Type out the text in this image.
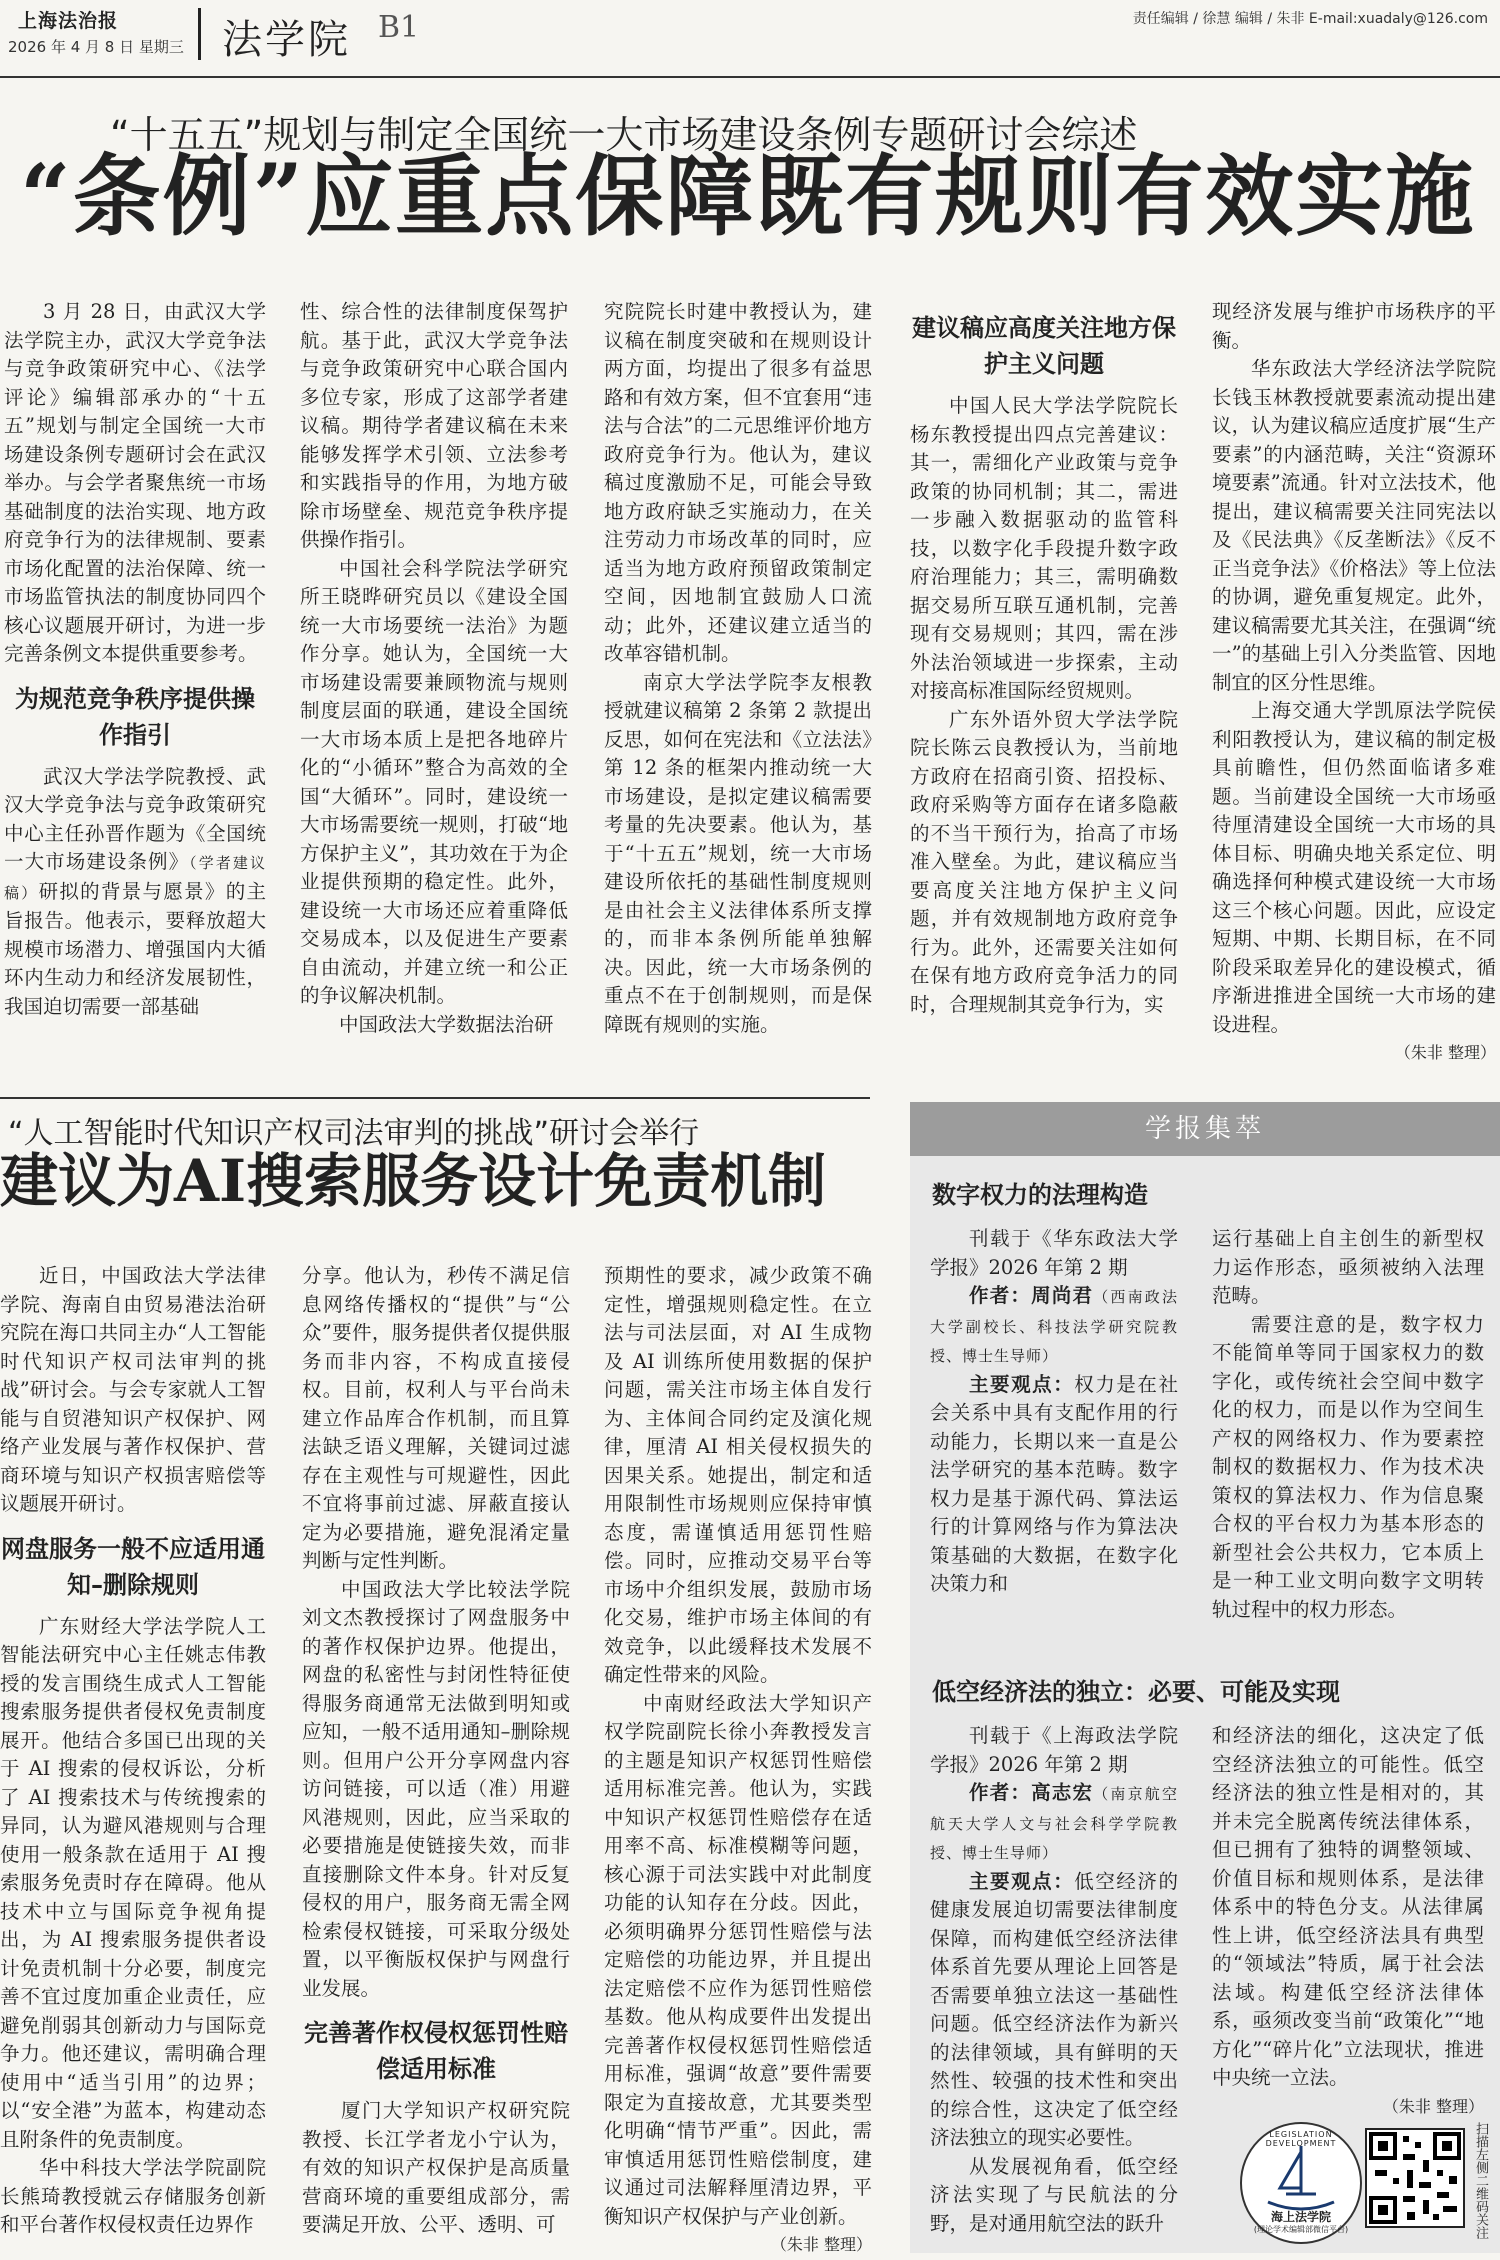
上海法治报
2026 年 4 月 8 日 星期三 法学院 B1	责任编辑 / 徐慧 编辑 / 朱非 E-mail:xuadaly@126.com
“十五五”规划与制定全国统一大市场建设条例专题研讨会综述
“条例”应重点保障既有规则有效实施

3 月 28 日，由武汉大学法学院主办，武汉大学竞争法与竞争政策研究中心、《法学评论》编辑部承办的“十五五”规划与制定全国统一大市场建设条例专题研讨会在武汉举办。与会学者聚焦统一市场基础制度的法治实现、地方政府竞争行为的法律规制、要素市场化配置的法治保障、统一市场监管执法的制度协同四个核心议题展开研讨，为进一步完善条例文本提供重要参考。

为规范竞争秩序提供操作指引

武汉大学法学院教授、武汉大学竞争法与竞争政策研究中心主任孙晋作题为《全国统一大市场建设条例》（学者建议稿）研拟的背景与愿景》的主旨报告。他表示，要释放超大规模市场潜力、增强国内大循环内生动力和经济发展韧性，我国迫切需要一部基础

性、综合性的法律制度保驾护航。基于此，武汉大学竞争法与竞争政策研究中心联合国内多位专家，形成了这部学者建议稿。期待学者建议稿在未来能够发挥学术引领、立法参考和实践指导的作用，为地方破除市场壁垒、规范竞争秩序提供操作指引。

中国社会科学院法学研究所王晓晔研究员以《建设全国统一大市场要统一法治》为题作分享。她认为，全国统一大市场建设需要兼顾物流与规则制度层面的联通，建设全国统一大市场本质上是把各地碎片化的“小循环”整合为高效的全国“大循环”。同时，建设统一大市场需要统一规则，打破“地方保护主义”，其功效在于为企业提供预期的稳定性。此外，建设统一大市场还应着重降低交易成本，以及促进生产要素自由流动，并建立统一和公正的争议解决机制。

中国政法大学数据法治研

究院院长时建中教授认为，建议稿在制度突破和在规则设计两方面，均提出了很多有益思路和有效方案，但不宜套用“违法与合法”的二元思维评价地方政府竞争行为。他认为，建议稿过度激励不足，可能会导致地方政府缺乏实施动力，在关注劳动力市场改革的同时，应适当为地方政府预留政策制定空间，因地制宜鼓励人口流动；此外，还建议建立适当的改革容错机制。

南京大学法学院李友根教授就建议稿第 2 条第 2 款提出反思，如何在宪法和《立法法》第 12 条的框架内推动统一大市场建设，是拟定建议稿需要考量的先决要素。他认为，基于“十五五”规划，统一大市场建设所依托的基础性制度规则是由社会主义法律体系所支撑的，而非本条例所能单独解决。因此，统一大市场条例的重点不在于创制规则，而是保障既有规则的实施。

建议稿应高度关注地方保护主义问题

中国人民大学法学院院长杨东教授提出四点完善建议：其一，需细化产业政策与竞争政策的协同机制；其二，需进一步融入数据驱动的监管科技，以数字化手段提升数字政府治理能力；其三，需明确数据交易所互联互通机制，完善现有交易规则；其四，需在涉外法治领域进一步探索，主动对接高标准国际经贸规则。

广东外语外贸大学法学院院长陈云良教授认为，当前地方政府在招商引资、招投标、政府采购等方面存在诸多隐蔽的不当干预行为，抬高了市场准入壁垒。为此，建议稿应当要高度关注地方保护主义问题，并有效规制地方政府竞争行为。此外，还需要关注如何在保有地方政府竞争活力的同时，合理规制其竞争行为，实

现经济发展与维护市场秩序的平衡。

华东政法大学经济法学院院长钱玉林教授就要素流动提出建议，认为建议稿应适度扩展“生产要素”的内涵范畴，关注“资源环境要素”流通。针对立法技术，他提出，建议稿需要关注同宪法以及《民法典》《反垄断法》《反不正当竞争法》《价格法》等上位法的协调，避免重复规定。此外，建议稿需要尤其关注，在强调“统一”的基础上引入分类监管、因地制宜的区分性思维。

上海交通大学凯原法学院侯利阳教授认为，建议稿的制定极具前瞻性，但仍然面临诸多难题。当前建设全国统一大市场亟待厘清建设全国统一大市场的具体目标、明确央地关系定位、明确选择何种模式建设统一大市场这三个核心问题。因此，应设定短期、中期、长期目标，在不同阶段采取差异化的建设模式，循序渐进推进全国统一大市场的建设进程。

（朱非 整理）
“人工智能时代知识产权司法审判的挑战”研讨会举行
建议为AI搜索服务设计免责机制

近日，中国政法大学法律学院、海南自由贸易港法治研究院在海口共同主办“人工智能时代知识产权司法审判的挑战”研讨会。与会专家就人工智能与自贸港知识产权保护、网络产业发展与著作权保护、营商环境与知识产权损害赔偿等议题展开研讨。

网盘服务一般不应适用通知–删除规则

广东财经大学法学院人工智能法研究中心主任姚志伟教授的发言围绕生成式人工智能搜索服务提供者侵权免责制度展开。他结合多国已出现的关于 AI 搜索的侵权诉讼，分析了 AI 搜索技术与传统搜索的异同，认为避风港规则与合理使用一般条款在适用于 AI 搜索服务免责时存在障碍。他从技术中立与国际竞争视角提出，为 AI 搜索服务提供者设计免责机制十分必要，制度完善不宜过度加重企业责任，应避免削弱其创新动力与国际竞争力。他还建议，需明确合理使用中“适当引用”的边界；以“安全港”为蓝本，构建动态且附条件的免责制度。

华中科技大学法学院副院长熊琦教授就云存储服务创新和平台著作权侵权责任边界作

分享。他认为，秒传不满足信息网络传播权的“提供”与“公众”要件，服务提供者仅提供服务而非内容，不构成直接侵权。目前，权利人与平台尚未建立作品库合作机制，而且算法缺乏语义理解，关键词过滤存在主观性与可规避性，因此不宜将事前过滤、屏蔽直接认定为必要措施，避免混淆定量判断与定性判断。

中国政法大学比较法学院刘文杰教授探讨了网盘服务中的著作权保护边界。他提出，网盘的私密性与封闭性特征使得服务商通常无法做到明知或应知，一般不适用通知–删除规则。但用户公开分享网盘内容访问链接，可以适（准）用避风港规则，因此，应当采取的必要措施是使链接失效，而非直接删除文件本身。针对反复侵权的用户，服务商无需全网检索侵权链接，可采取分级处置，以平衡版权保护与网盘行业发展。

完善著作权侵权惩罚性赔偿适用标准

厦门大学知识产权研究院教授、长江学者龙小宁认为，有效的知识产权保护是高质量营商环境的重要组成部分，需要满足开放、公平、透明、可

预期性的要求，减少政策不确定性，增强规则稳定性。在立法与司法层面，对 AI 生成物及 AI 训练所使用数据的保护问题，需关注市场主体自发行为、主体间合同约定及演化规律，厘清 AI 相关侵权损失的因果关系。她提出，制定和适用限制性市场规则应保持审慎态度，需谨慎适用惩罚性赔偿。同时，应推动交易平台等市场中介组织发展，鼓励市场化交易，维护市场主体间的有效竞争，以此缓释技术发展不确定性带来的风险。

中南财经政法大学知识产权学院副院长徐小奔教授发言的主题是知识产权惩罚性赔偿适用标准完善。他认为，实践中知识产权惩罚性赔偿存在适用率不高、标准模糊等问题，核心源于司法实践中对此制度功能的认知存在分歧。因此，必须明确界分惩罚性赔偿与法定赔偿的功能边界，并且提出法定赔偿不应作为惩罚性赔偿基数。他从构成要件出发提出完善著作权侵权惩罚性赔偿适用标准，强调“故意”要件需要限定为直接故意，尤其要类型化明确“情节严重”。因此，需审慎适用惩罚性赔偿制度，建议通过司法解释厘清边界，平衡知识产权保护与产业创新。

（朱非 整理）
学报集萃
数字权力的法理构造

刊载于《华东政法大学学报》2026 年第 2 期

作者：周尚君（西南政法大学副校长、科技法学研究院教授、博士生导师）

主要观点：权力是在社会关系中具有支配作用的行动能力，长期以来一直是公法学研究的基本范畴。数字权力是基于源代码、算法运行的计算网络与作为算法决策基础的大数据，在数字化决策力和

运行基础上自主创生的新型权力运作形态，亟须被纳入法理范畴。

需要注意的是，数字权力不能简单等同于国家权力的数字化，或传统社会空间中数字化的权力，而是以作为空间生产权的网络权力、作为要素控制权的数据权力、作为技术决策权的算法权力、作为信息聚合权的平台权力为基本形态的新型社会公共权力，它本质上是一种工业文明向数字文明转轨过程中的权力形态。

低空经济法的独立：必要、可能及实现

刊载于《上海政法学院学报》2026 年第 2 期

作者：高志宏（南京航空航天大学人文与社会科学学院教授、博士生导师）

主要观点：低空经济的健康发展迫切需要法律制度保障，而构建低空经济法律体系首先要从理论上回答是否需要单独立法这一基础性问题。低空经济法作为新兴的法律领域，具有鲜明的天然性、较强的技术性和突出的综合性，这决定了低空经济法独立的现实必要性。

从发展视角看，低空经济法实现了与民航法的分野，是对通用航空法的跃升

和经济法的细化，这决定了低空经济法独立的可能性。低空经济法的独立性是相对的，其并未完全脱离传统法律体系，但已拥有了独特的调整领域、价值目标和规则体系，是法律体系中的特色分支。从法律属性上讲，低空经济法具有典型的“领域法”特质，属于社会法法域。构建低空经济法律体系，亟须改变当前“政策化”“地方化”“碎片化”立法现状，推进中央统一立法。

（朱非 整理）
LEGISLATION DEVELOPMENT
海上法学院
(理论学术编辑部微信平台)	扫描左侧二维码关注
